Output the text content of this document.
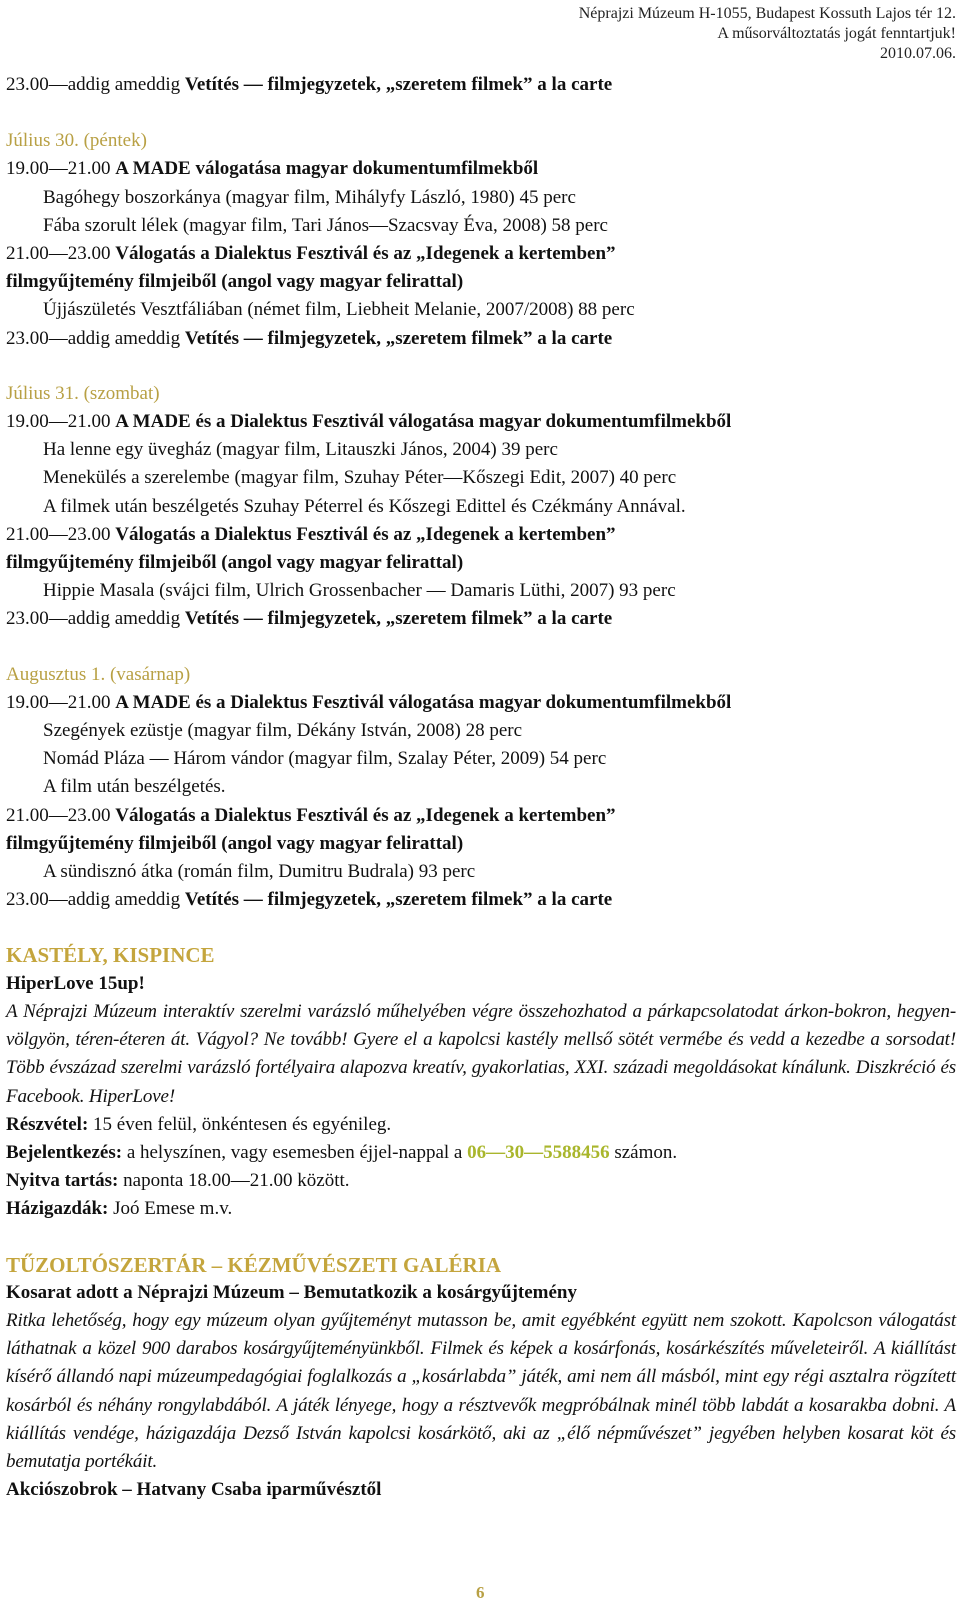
Néprajzi Múzeum H-1055, Budapest Kossuth Lajos tér 12.
A műsorváltoztatás jogát fenntartjuk!
2010.07.06.
23.00—addig ameddig Vetítés — filmjegyzetek, „szeretem filmek” a la carte
Július 30. (péntek)
19.00—21.00 A MADE válogatása magyar dokumentumfilmekből
Bagóhegy boszorkánya (magyar film, Mihályfy László, 1980) 45 perc
Fába szorult lélek (magyar film, Tari János—Szacsvay Éva, 2008) 58 perc
21.00—23.00 Válogatás a Dialektus Fesztivál és az „Idegenek a kertemben”
filmgyűjtemény filmjeiből (angol vagy magyar felirattal)
Újjászületés Vesztfáliában (német film, Liebheit Melanie, 2007/2008) 88 perc
23.00—addig ameddig Vetítés — filmjegyzetek, „szeretem filmek” a la carte
Július 31. (szombat)
19.00—21.00 A MADE és a Dialektus Fesztivál válogatása magyar dokumentumfilmekből
Ha lenne egy üvegház (magyar film, Litauszki János, 2004) 39 perc
Menekülés a szerelembe (magyar film, Szuhay Péter—Kőszegi Edit, 2007) 40 perc
A filmek után beszélgetés Szuhay Péterrel és Kőszegi Edittel és Czékmány Annával.
21.00—23.00 Válogatás a Dialektus Fesztivál és az „Idegenek a kertemben”
filmgyűjtemény filmjeiből (angol vagy magyar felirattal)
Hippie Masala (svájci film, Ulrich Grossenbacher — Damaris Lüthi, 2007) 93 perc
23.00—addig ameddig Vetítés — filmjegyzetek, „szeretem filmek” a la carte
Augusztus 1. (vasárnap)
19.00—21.00 A MADE és a Dialektus Fesztivál válogatása magyar dokumentumfilmekből
Szegények ezüstje (magyar film, Dékány István, 2008) 28 perc
Nomád Pláza — Három vándor (magyar film, Szalay Péter, 2009) 54 perc
A film után beszélgetés.
21.00—23.00 Válogatás a Dialektus Fesztivál és az „Idegenek a kertemben”
filmgyűjtemény filmjeiből (angol vagy magyar felirattal)
A sündisznó átka (román film, Dumitru Budrala) 93 perc
23.00—addig ameddig Vetítés — filmjegyzetek, „szeretem filmek” a la carte
KASTÉLY, KISPINCE
HiperLove 15up!
A Néprajzi Múzeum interaktív szerelmi varázsló műhelyében végre összehozhatod a párkapcsolatodat árkon-bokron, hegyen-völgyön, téren-éteren át. Vágyol? Ne tovább! Gyere el a kapolcsi kastély mellső sötét vermébe és vedd a kezedbe a sorsodat! Több évszázad szerelmi varázsló fortélyaira alapozva kreatív, gyakorlatias, XXI. századi megoldásokat kínálunk. Diszkréció és Facebook. HiperLove!
Részvétel: 15 éven felül, önkéntesen és egyénileg.
Bejelentkezés: a helyszínen, vagy esemesben éjjel-nappal a 06—30—5588456 számon.
Nyitva tartás: naponta 18.00—21.00 között.
Házigazdák: Joó Emese m.v.
TŰZOLTÓSZERTÁR – KÉZMŰVÉSZETI GALÉRIA
Kosarat adott a Néprajzi Múzeum – Bemutatkozik a kosárgyűjtemény
Ritka lehetőség, hogy egy múzeum olyan gyűjteményt mutasson be, amit egyébként együtt nem szokott. Kapolcson válogatást láthatnak a közel 900 darabos kosárgyűjteményünkből. Filmek és képek a kosárfonás, kosárkészítés műveleteiről. A kiállítást kísérő állandó napi múzeumpedagógiai foglalkozás a „kosárlabda” játék, ami nem áll másból, mint egy régi asztalra rögzített kosárból és néhány rongylabdából. A játék lényege, hogy a résztvevők megpróbálnak minél több labdát a kosarakba dobni. A kiállítás vendége, házigazdája Dezső István kapolcsi kosárkötő, aki az „élő népművészet” jegyében helyben kosarat köt és bemutatja portékáit.
Akciószobrok – Hatvany Csaba iparművésztől
6
